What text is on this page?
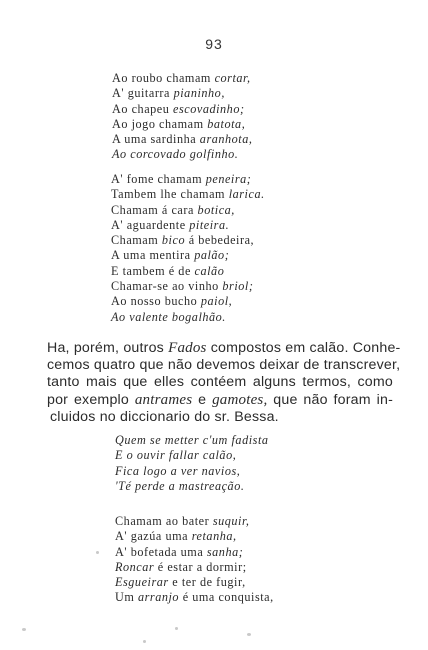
93
Ao roubo chamam cortar,
A' guitarra pianinho,
Ao chapeu escovadinho;
Ao jogo chamam batota,
A uma sardinha aranhota,
Ao corcovado golfinho.
A' fome chamam peneira;
Tambem lhe chamam larica.
Chamam á cara botica,
A' aguardente piteira.
Chamam bico á bebedeira,
A uma mentira palão;
E tambem é de calão
Chamar-se ao vinho briol;
Ao nosso bucho paiol,
Ao valente bogalhão.
Ha, porém, outros Fados compostos em calão. Conhe-
cemos quatro que não devemos deixar de transcrever,
tanto mais que elles contéem alguns termos, como
por exemplo antrames e gamotes, que não foram in-
cluidos no diccionario do sr. Bessa.
Quem se metter c'um fadista
E o ouvir fallar calão,
Fica logo a ver navios,
'Té perde a mastreação.
Chamam ao bater suquir,
A' gazúa uma retanha,
A' bofetada uma sanha;
Roncar é estar a dormir;
Esgueirar e ter de fugir,
Um arranjo é uma conquista,
